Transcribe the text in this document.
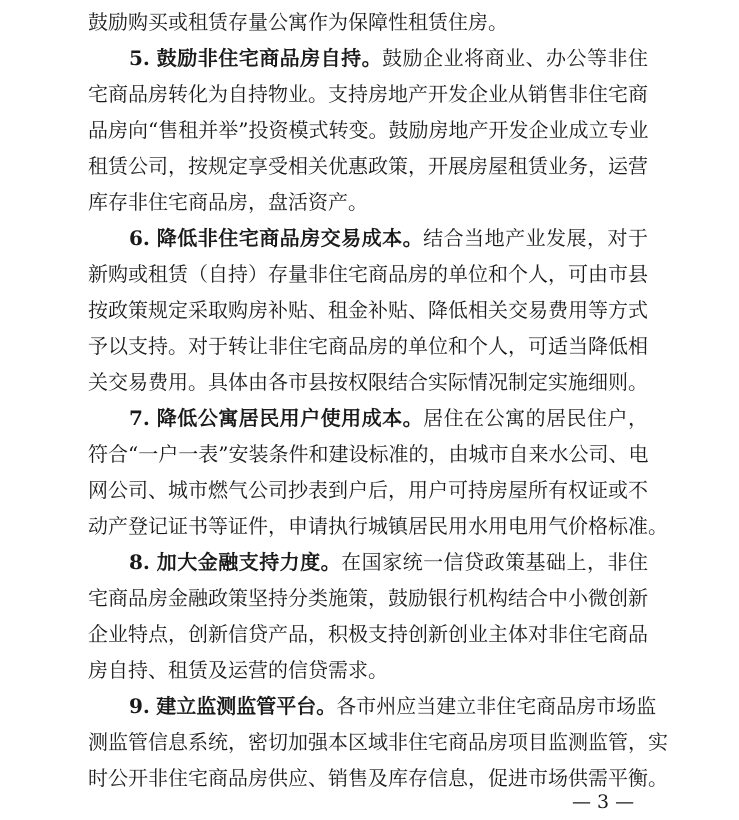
鼓励购买或租赁存量公寓作为保障性租赁住房。
5. 鼓励非住宅商品房自持。鼓励企业将商业、办公等非住
宅商品房转化为自持物业。支持房地产开发企业从销售非住宅商
品房向“售租并举”投资模式转变。鼓励房地产开发企业成立专业
租赁公司，按规定享受相关优惠政策，开展房屋租赁业务，运营
库存非住宅商品房，盘活资产。
6. 降低非住宅商品房交易成本。结合当地产业发展，对于
新购或租赁（自持）存量非住宅商品房的单位和个人，可由市县
按政策规定采取购房补贴、租金补贴、降低相关交易费用等方式
予以支持。对于转让非住宅商品房的单位和个人，可适当降低相
关交易费用。具体由各市县按权限结合实际情况制定实施细则。
7. 降低公寓居民用户使用成本。居住在公寓的居民住户，
符合“一户一表”安装条件和建设标准的，由城市自来水公司、电
网公司、城市燃气公司抄表到户后，用户可持房屋所有权证或不
动产登记证书等证件，申请执行城镇居民用水用电用气价格标准。
8. 加大金融支持力度。在国家统一信贷政策基础上，非住
宅商品房金融政策坚持分类施策，鼓励银行机构结合中小微创新
企业特点，创新信贷产品，积极支持创新创业主体对非住宅商品
房自持、租赁及运营的信贷需求。
9. 建立监测监管平台。各市州应当建立非住宅商品房市场监
测监管信息系统，密切加强本区域非住宅商品房项目监测监管，实
时公开非住宅商品房供应、销售及库存信息，促进市场供需平衡。
— 3 —
